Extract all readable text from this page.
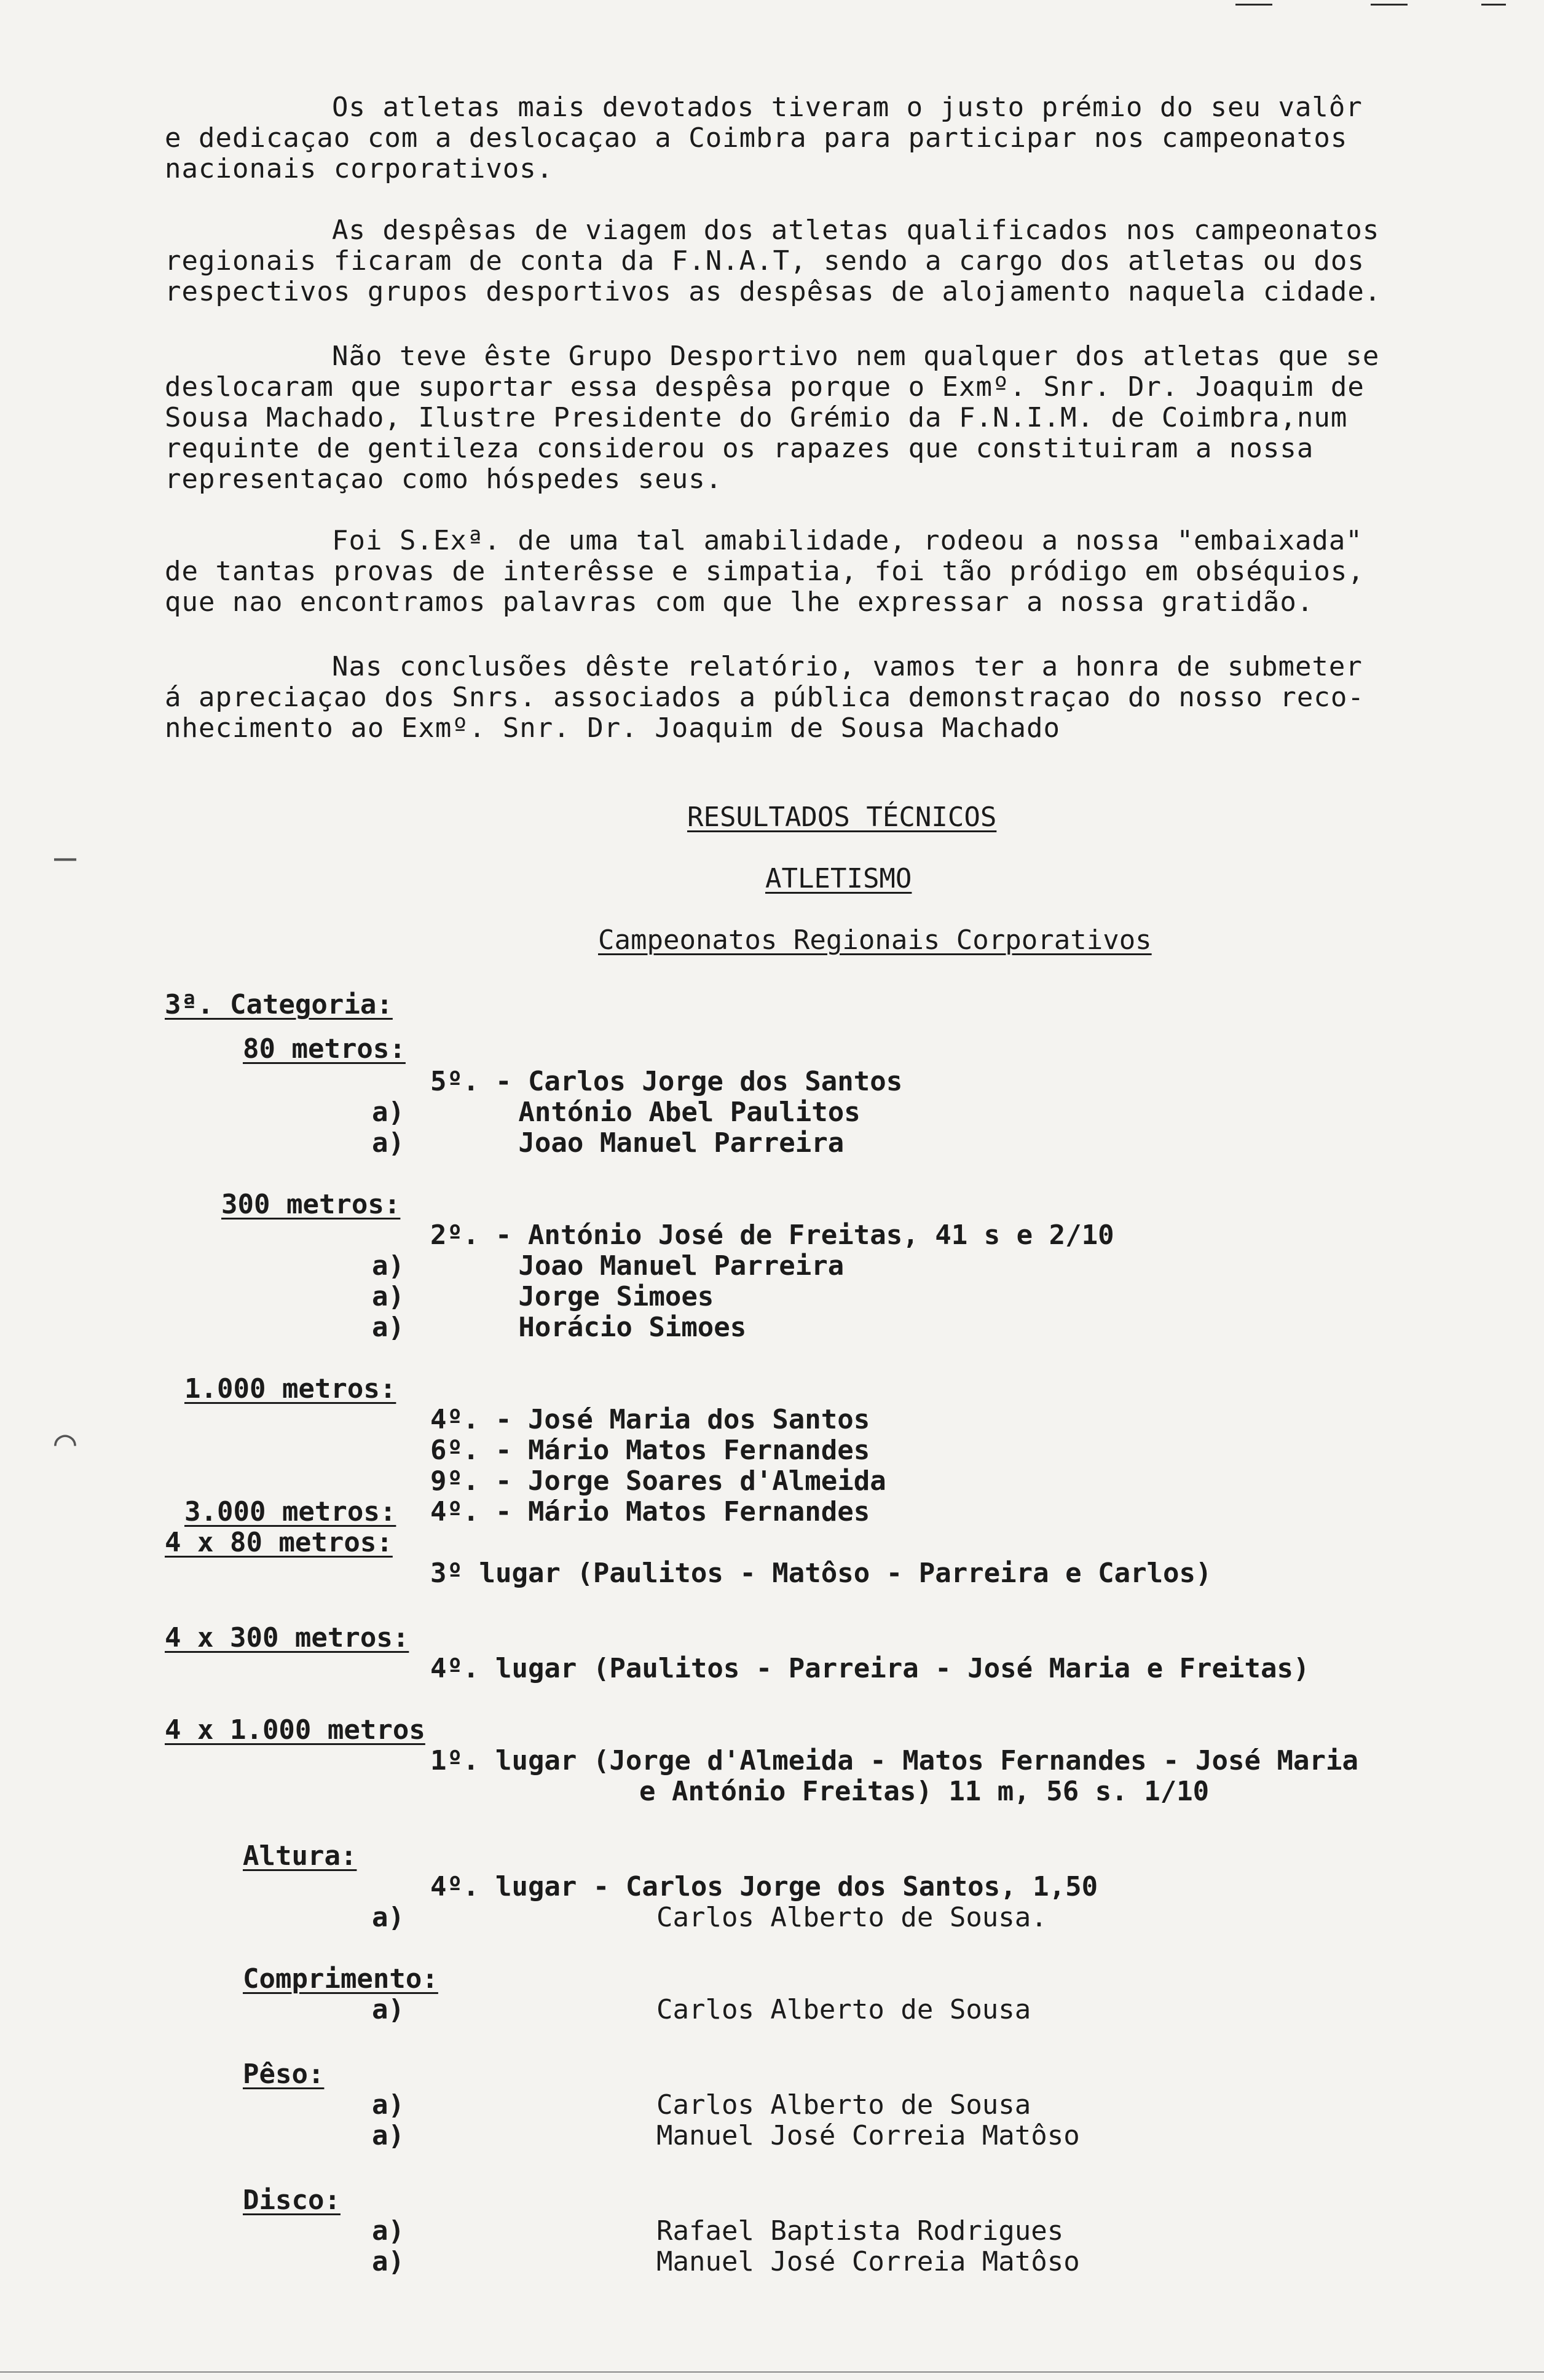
Os atletas mais devotados tiveram o justo prémio do seu valôr
e dedicaçao com a deslocaçao a Coimbra para participar nos campeonatos
nacionais corporativos.
As despêsas de viagem dos atletas qualificados nos campeonatos
regionais ficaram de conta da F.N.A.T, sendo a cargo dos atletas ou dos
respectivos grupos desportivos as despêsas de alojamento naquela cidade.
Não teve êste Grupo Desportivo nem qualquer dos atletas que se
deslocaram que suportar essa despêsa porque o Exmº. Snr. Dr. Joaquim de
Sousa Machado, Ilustre Presidente do Grémio da F.N.I.M. de Coimbra,num
requinte de gentileza considerou os rapazes que constituiram a nossa
representaçao como hóspedes seus.
Foi S.Exª. de uma tal amabilidade, rodeou a nossa "embaixada"
de tantas provas de interêsse e simpatia, foi tão pródigo em obséquios,
que nao encontramos palavras com que lhe expressar a nossa gratidão.
Nas conclusões dêste relatório, vamos ter a honra de submeter
á apreciaçao dos Snrs. associados a pública demonstraçao do nosso reco-
nhecimento ao Exmº. Snr. Dr. Joaquim de Sousa Machado
RESULTADOS TÉCNICOS
ATLETISMO
Campeonatos Regionais Corporativos
–
⌒
3ª. Categoria:
80 metros:
5º. - Carlos Jorge dos Santos
a)       António Abel Paulitos
a)       Joao Manuel Parreira
300 metros:
2º. - António José de Freitas, 41 s e 2/10
a)       Joao Manuel Parreira
a)       Jorge Simoes
a)       Horácio Simoes
1.000 metros:
4º. - José Maria dos Santos
6º. - Mário Matos Fernandes
9º. - Jorge Soares d'Almeida
3.000 metros: 4º. - Mário Matos Fernandes
4 x 80 metros:
3º lugar (Paulitos - Matôso - Parreira e Carlos)
4 x 300 metros:
4º. lugar (Paulitos - Parreira - José Maria e Freitas)
4 x 1.000 metros
1º. lugar (Jorge d'Almeida - Matos Fernandes - José Maria
e António Freitas) 11 m, 56 s. 1/10
Altura:
4º. lugar - Carlos Jorge dos Santos, 1,50
a)	Carlos Alberto de Sousa.
Comprimento:
a)	Carlos Alberto de Sousa
Pêso:
a)	Carlos Alberto de Sousa
a)	Manuel José Correia Matôso
Disco:
a)	Rafael Baptista Rodrigues
a)	Manuel José Correia Matôso
